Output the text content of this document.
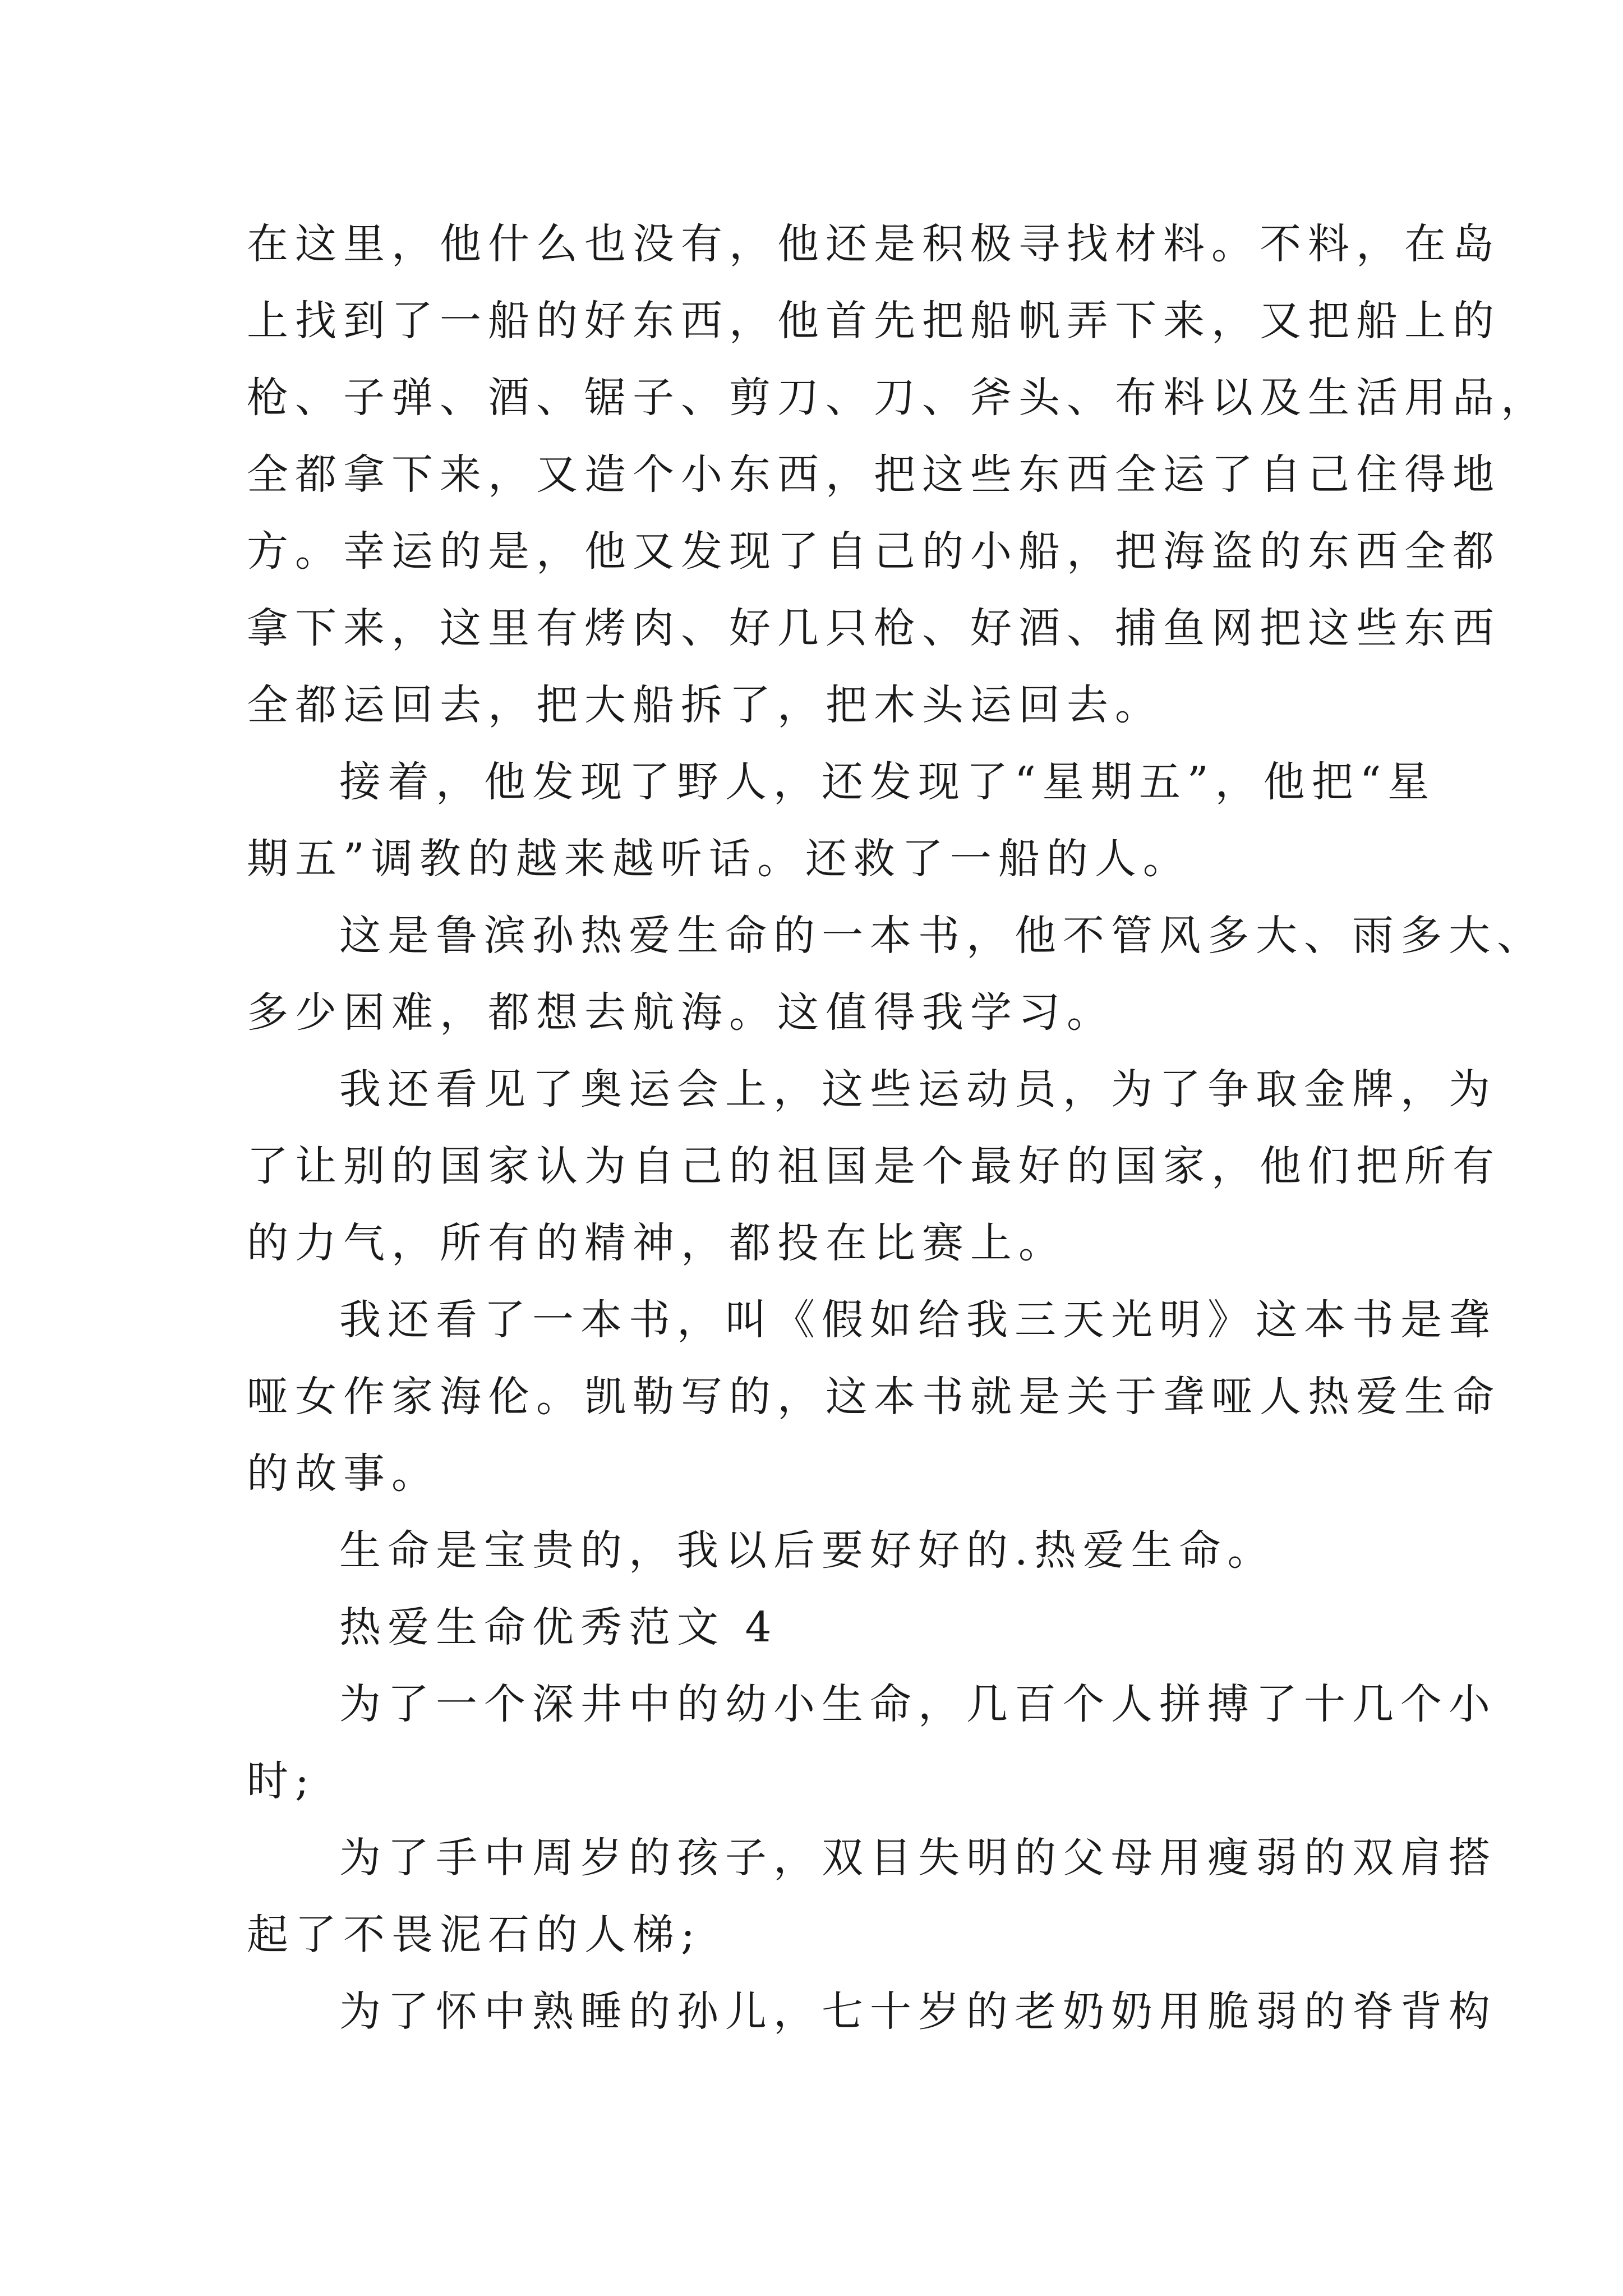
在这里，他什么也没有，他还是积极寻找材料。不料，在岛
上找到了一船的好东西，他首先把船帆弄下来，又把船上的
枪、子弹、酒、锯子、剪刀、刀、斧头、布料以及生活用品，
全都拿下来，又造个小东西，把这些东西全运了自己住得地
方。幸运的是，他又发现了自己的小船，把海盗的东西全都
拿下来，这里有烤肉、好几只枪、好酒、捕鱼网把这些东西
全都运回去，把大船拆了，把木头运回去。
接着，他发现了野人，还发现了“星期五”，他把“星
期五”调教的越来越听话。还救了一船的人。
这是鲁滨孙热爱生命的一本书，他不管风多大、雨多大、
多少困难，都想去航海。这值得我学习。
我还看见了奥运会上，这些运动员，为了争取金牌，为
了让别的国家认为自己的祖国是个最好的国家，他们把所有
的力气，所有的精神，都投在比赛上。
我还看了一本书，叫《假如给我三天光明》这本书是聋
哑女作家海伦。凯勒写的，这本书就是关于聋哑人热爱生命
的故事。
生命是宝贵的，我以后要好好的.热爱生命。
热爱生命优秀范文 4
为了一个深井中的幼小生命，几百个人拼搏了十几个小
时;
为了手中周岁的孩子，双目失明的父母用瘦弱的双肩搭
起了不畏泥石的人梯;
为了怀中熟睡的孙儿，七十岁的老奶奶用脆弱的脊背构
